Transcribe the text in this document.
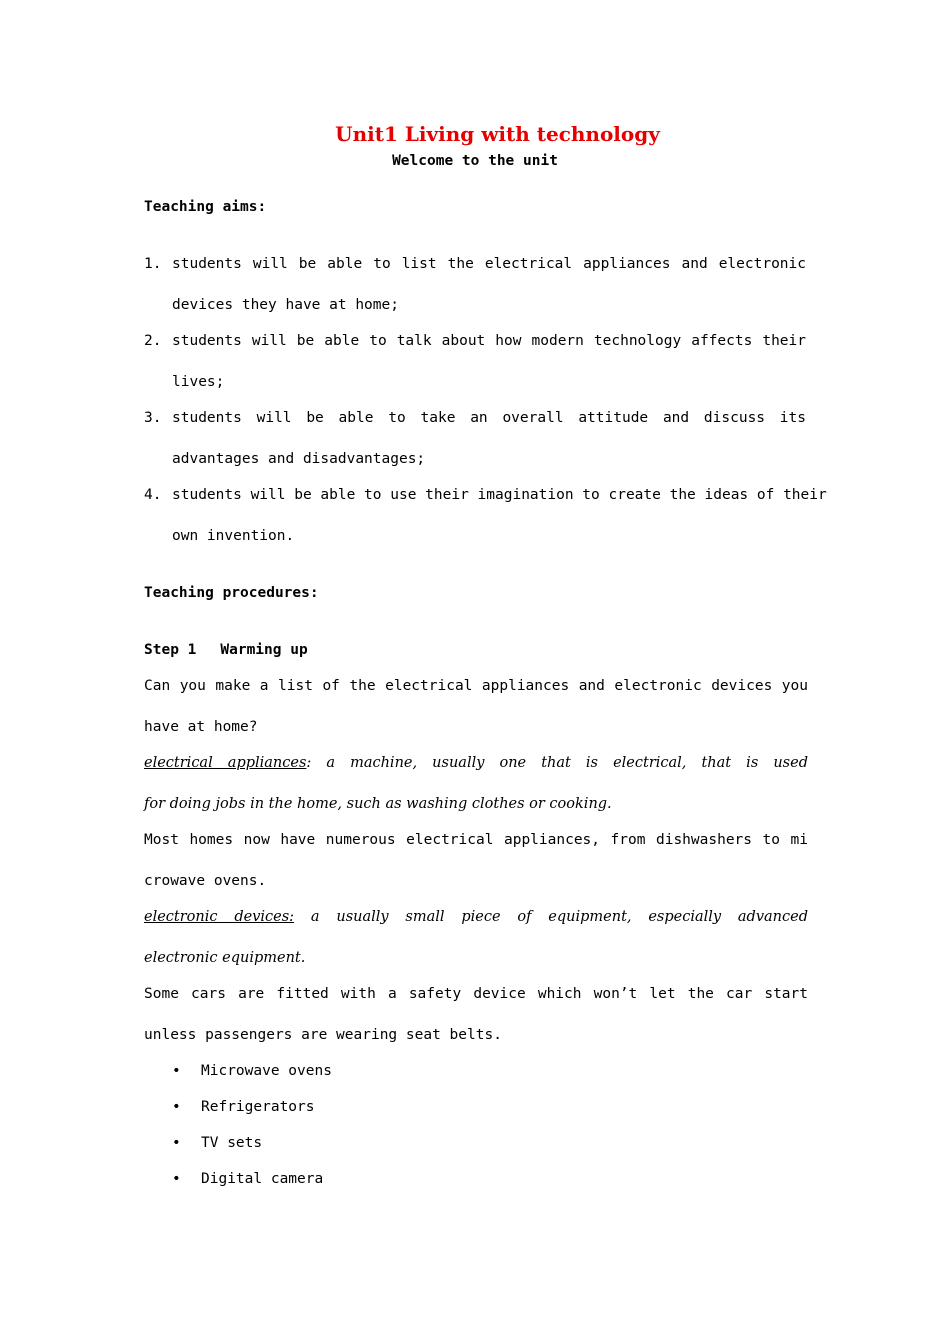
Unit1 Living with technology
Welcome to the unit
Teaching aims:
1. students will be able to list the electrical appliances and electronic
devices they have at home;
2. students will be able to talk about how modern technology affects their
lives;
3. students will be able to take an overall attitude and discuss its
advantages and disadvantages;
4. students will be able to use their imagination to create the ideas of their
own invention.
Teaching procedures:
Step 1 Warming up
Can you make a list of the electrical appliances and electronic devices you
have at home?
electrical appliances: a machine, usually one that is electrical, that is used
for doing jobs in the home, such as washing clothes or cooking.
Most homes now have numerous electrical appliances, from dishwashers to mi
crowave ovens.
electronic devices: a usually small piece of equipment, especially advanced
electronic equipment.
Some cars are fitted with a safety device which won’t let the car start
unless passengers are wearing seat belts.
• Microwave ovens
• Refrigerators
• TV sets
• Digital camera
